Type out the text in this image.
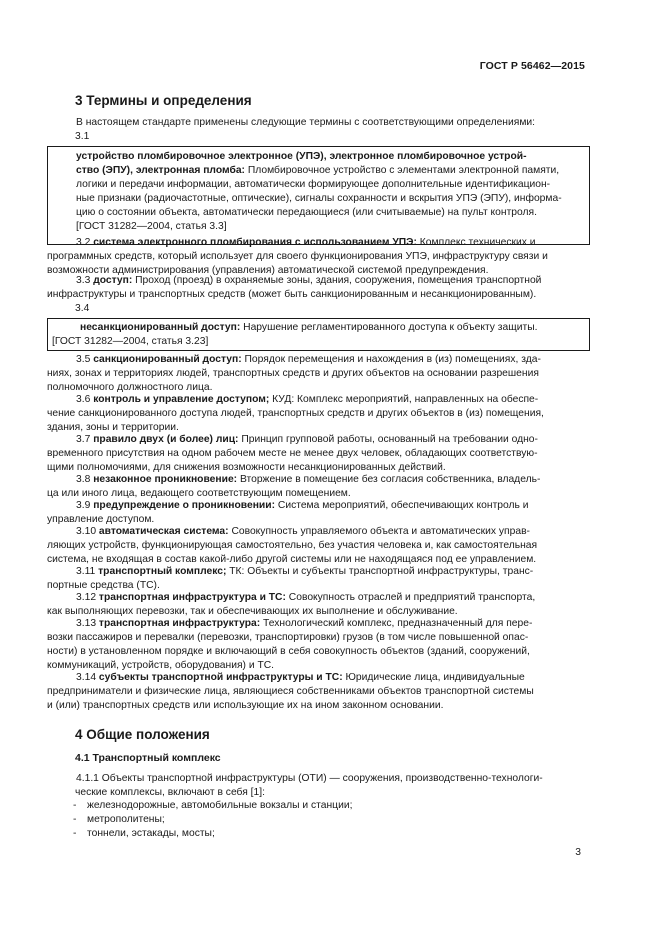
ГОСТ Р 56462—2015
3 Термины и определения
В настоящем стандарте применены следующие термины с соответствующими определениями:
3.1
устройство пломбировочное электронное (УПЭ), электронное пломбировочное устрой-
ство (ЭПУ), электронная пломба: Пломбировочное устройство с элементами электронной памяти,
логики и передачи информации, автоматически формирующее дополнительные идентификацион-
ные признаки (радиочастотные, оптические), сигналы сохранности и вскрытия УПЭ (ЭПУ), информа-
цию о состоянии объекта, автоматически передающиеся (или считываемые) на пульт контроля.
[ГОСТ 31282—2004, статья 3.3]
3.2 система электронного пломбирования с использованием УПЭ: Комплекс технических и
программных средств, который использует для своего функционирования УПЭ, инфраструктуру связи и
возможности администрирования (управления) автоматической системой предупреждения.
3.3 доступ: Проход (проезд) в охраняемые зоны, здания, сооружения, помещения транспортной
инфраструктуры и транспортных средств (может быть санкционированным и несанкционированным).
3.4
несанкционированный доступ: Нарушение регламентированного доступа к объекту защиты.
[ГОСТ 31282—2004, статья 3.23]
3.5 санкционированный доступ: Порядок перемещения и нахождения в (из) помещениях, зда-
ниях, зонах и территориях людей, транспортных средств и других объектов на основании разрешения
полномочного должностного лица.
3.6 контроль и управление доступом; КУД: Комплекс мероприятий, направленных на обеспе-
чение санкционированного доступа людей, транспортных средств и других объектов в (из) помещения,
здания, зоны и территории.
3.7 правило двух (и более) лиц: Принцип групповой работы, основанный на требовании одно-
временного присутствия на одном рабочем месте не менее двух человек, обладающих соответствую-
щими полномочиями, для снижения возможности несанкционированных действий.
3.8 незаконное проникновение: Вторжение в помещение без согласия собственника, владель-
ца или иного лица, ведающего соответствующим помещением.
3.9 предупреждение о проникновении: Система мероприятий, обеспечивающих контроль и
управление доступом.
3.10 автоматическая система: Совокупность управляемого объекта и автоматических управ-
ляющих устройств, функционирующая самостоятельно, без участия человека и, как самостоятельная
система, не входящая в состав какой-либо другой системы или не находящаяся под ее управлением.
3.11 транспортный комплекс; ТК: Объекты и субъекты транспортной инфраструктуры, транс-
портные средства (ТС).
3.12 транспортная инфраструктура и ТС: Совокупность отраслей и предприятий транспорта,
как выполняющих перевозки, так и обеспечивающих их выполнение и обслуживание.
3.13 транспортная инфраструктура: Технологический комплекс, предназначенный для пере-
возки пассажиров и перевалки (перевозки, транспортировки) грузов (в том числе повышенной опас-
ности) в установленном порядке и включающий в себя совокупность объектов (зданий, сооружений,
коммуникаций, устройств, оборудования) и ТС.
3.14 субъекты транспортной инфраструктуры и ТС: Юридические лица, индивидуальные
предприниматели и физические лица, являющиеся собственниками объектов транспортной системы
и (или) транспортных средств или использующие их на ином законном основании.
4 Общие положения
4.1 Транспортный комплекс
4.1.1 Объекты транспортной инфраструктуры (ОТИ) — сооружения, производственно-технологи-
ческие комплексы, включают в себя [1]:
- железнодорожные, автомобильные вокзалы и станции;
- метрополитены;
- тоннели, эстакады, мосты;
3
